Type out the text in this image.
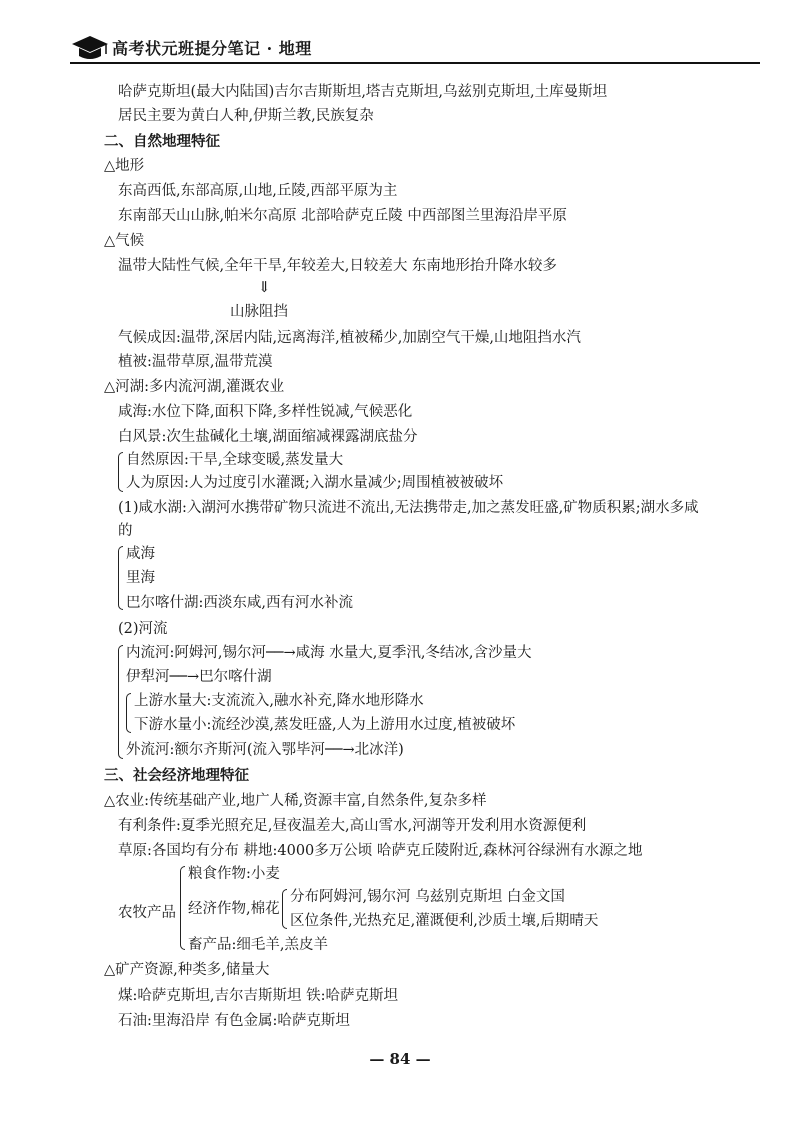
高考状元班提分笔记 · 地理
哈萨克斯坦(最大内陆国)吉尔吉斯斯坦,塔吉克斯坦,乌兹别克斯坦,土库曼斯坦
居民主要为黄白人种,伊斯兰教,民族复杂
二、自然地理特征
△地形
东高西低,东部高原,山地,丘陵,西部平原为主
东南部天山山脉,帕米尔高原 北部哈萨克丘陵 中西部图兰里海沿岸平原
△气候
温带大陆性气候,全年干旱,年较差大,日较差大 东南地形抬升降水较多
⇓
山脉阻挡
气候成因:温带,深居内陆,远离海洋,植被稀少,加剧空气干燥,山地阻挡水汽
植被:温带草原,温带荒漠
△河湖:多内流河湖,灌溉农业
咸海:水位下降,面积下降,多样性锐减,气候恶化
白风景:次生盐碱化土壤,湖面缩减裸露湖底盐分
自然原因:干旱,全球变暖,蒸发量大
人为原因:人为过度引水灌溉;入湖水量减少;周围植被被破坏
(1)咸水湖:入湖河水携带矿物只流进不流出,无法携带走,加之蒸发旺盛,矿物质积累;湖水多咸
的
咸海
里海
巴尔喀什湖:西淡东咸,西有河水补流
(2)河流
内流河:阿姆河,锡尔河──→咸海 水量大,夏季汛,冬结冰,含沙量大
伊犁河──→巴尔喀什湖
上游水量大:支流流入,融水补充,降水地形降水
下游水量小:流经沙漠,蒸发旺盛,人为上游用水过度,植被破坏
外流河:额尔齐斯河(流入鄂毕河──→北冰洋)
三、社会经济地理特征
△农业:传统基础产业,地广人稀,资源丰富,自然条件,复杂多样
有利条件:夏季光照充足,昼夜温差大,高山雪水,河湖等开发利用水资源便利
草原:各国均有分布 耕地:4000多万公顷 哈萨克丘陵附近,森林河谷绿洲有水源之地
农牧产品
粮食作物:小麦
经济作物,棉花
分布阿姆河,锡尔河 乌兹别克斯坦 白金文国
区位条件,光热充足,灌溉便利,沙质土壤,后期晴天
畜产品:细毛羊,羔皮羊
△矿产资源,种类多,储量大
煤:哈萨克斯坦,吉尔吉斯斯坦 铁:哈萨克斯坦
石油:里海沿岸 有色金属:哈萨克斯坦
— 84 —
